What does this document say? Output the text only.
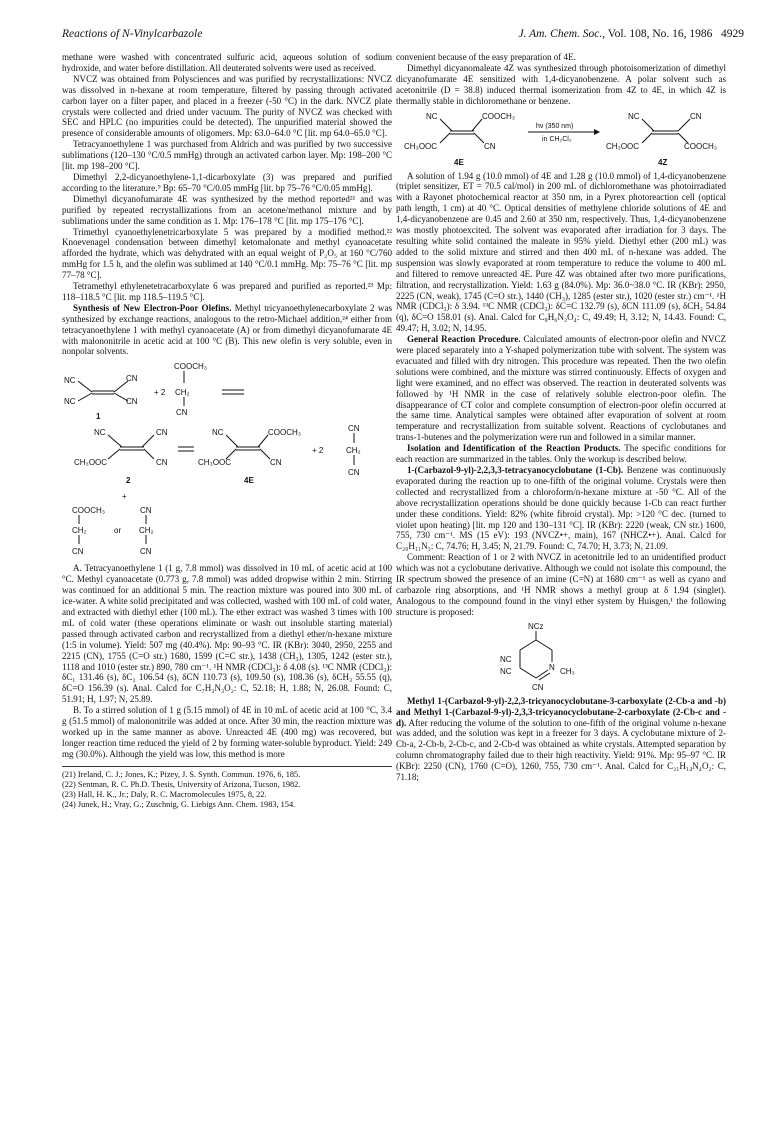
Reactions of N-Vinylcarbazole	J. Am. Chem. Soc., Vol. 108, No. 16, 1986 4929

methane were washed with concentrated sulfuric acid, aqueous solution of sodium hydroxide, and water before distillation. All deuterated solvents were used as received.

NVCZ was obtained from Polysciences and was purified by recrystallizations: NVCZ was dissolved in n-hexane at room temperature, filtered by passing through activated carbon layer on a filter paper, and placed in a freezer (-50 °C) in the dark. NVCZ plate crystals were collected and dried under vacuum. The purity of NVCZ was checked with SEC and HPLC (no impurities could be detected). The unpurified material showed the presence of considerable amounts of oligomers. Mp: 63.0–64.0 °C [lit. mp 64.0–65.0 °C].

Tetracyanoethylene 1 was purchased from Aldrich and was purified by two successive sublimations (120–130 °C/0.5 mmHg) through an activated carbon layer. Mp: 198–200 °C [lit. mp 198–200 °C].

Dimethyl 2,2-dicyanoethylene-1,1-dicarboxylate (3) was prepared and purified according to the literature.⁹ Bp: 65–70 °C/0.05 mmHg [lit. bp 75–76 °C/0.05 mmHg].

Dimethyl dicyanofumarate 4E was synthesized by the method reported²¹ and was purified by repeated recrystallizations from an acetone/methanol mixture and by sublimations under the same condition as 1. Mp: 176–178 °C [lit. mp 175–176 °C].

Trimethyl cyanoethylenetricarboxylate 5 was prepared by a modified method.²² Knoevenagel condensation between dimethyl ketomalonate and methyl cyanoacetate afforded the hydrate, which was dehydrated with an equal weight of P₂O₅ at 160 °C/760 mmHg for 1.5 h, and the olefin was sublimed at 140 °C/0.1 mmHg. Mp: 75–76 °C [lit. mp 77–78 °C].

Tetramethyl ethylenetetracarboxylate 6 was prepared and purified as reported.²³ Mp: 118–118.5 °C [lit. mp 118.5–119.5 °C].

Synthesis of New Electron-Poor Olefins. Methyl tricyanoethylenecarboxylate 2 was synthesized by exchange reactions, analogous to the retro-Michael addition,²⁴ either from tetracyanoethylene 1 with methyl cyanoacetate (A) or from dimethyl dicyanofumarate 4E with malononitrile in acetic acid at 100 °C (B). This new olefin is very soluble, even in nonpolar solvents.

NC
NC
CN
CN
COOCH₃
+ 2 CH₂
CN
1
NC	CN
CH₃OOC	CN
2
NC	COOCH₃
CH₃OOC	CN
4E
CN
+ 2	CH₂
CN
+
COOCH₃
CH₂
CN
or
CN
CH₂
CN

A. Tetracyanoethylene 1 (1 g, 7.8 mmol) was dissolved in 10 mL of acetic acid at 100 °C. Methyl cyanoacetate (0.773 g, 7.8 mmol) was added dropwise within 2 min. Stirring was continued for an additional 5 min. The reaction mixture was poured into 300 mL of ice-water. A white solid precipitated and was collected, washed with 100 mL of cold water, and extracted with diethyl ether (100 mL). The ether extract was washed 3 times with 100 mL of cold water (these operations eliminate or wash out insoluble starting material) passed through activated carbon and recrystallized from a diethyl ether/n-hexane mixture (1:5 in volume). Yield: 507 mg (40.4%). Mp: 90–93 °C. IR (KBr): 3040, 2950, 2255 and 2215 (CN), 1755 (C=O str.) 1680, 1599 (C=C str.), 1438 (CH₃), 1305, 1242 (ester str.), 1118 and 1010 (ester str.) 890, 780 cm⁻¹. ¹H NMR (CDCl₃): δ 4.08 (s). ¹³C NMR (CDCl₃): δC₁ 131.46 (s), δC₂ 106.54 (s), δCN 110.73 (s), 109.50 (s), 108.36 (s), δCH₃ 55.55 (q), δC=O 156.39 (s). Anal. Calcd for C₇H₃N₃O₂: C, 52.18; H, 1.88; N, 26.08. Found: C, 51.91; H, 1.97; N, 25.89.

B. To a stirred solution of 1 g (5.15 mmol) of 4E in 10 mL of acetic acid at 100 °C, 3.4 g (51.5 mmol) of malononitrile was added at once. After 30 min, the reaction mixture was worked up in the same manner as above. Unreacted 4E (400 mg) was recovered, but longer reaction time reduced the yield of 2 by forming water-soluble byproduct. Yield: 249 mg (30.0%). Although the yield was low, this method is more

(21) Ireland, C. J.; Jones, K.; Pizey, J. S. Synth. Commun. 1976, 6, 185.
(22) Sentman, R. C. Ph.D. Thesis, University of Arizona, Tucson, 1982.
(23) Hall, H. K., Jr.; Daly, R. C. Macromolecules 1975, 8, 22.
(24) Junek, H.; Vray, G.; Zuschnig, G. Liebigs Ann. Chem. 1983, 154.

convenient because of the easy preparation of 4E.

Dimethyl dicyanomaleate 4Z was synthesized through photoisomerization of dimethyl dicyanofumarate 4E sensitized with 1,4-dicyanobenzene. A polar solvent such as acetonitrile (D = 38.8) induced thermal isomerization from 4Z to 4E, in which 4Z is thermally stable in dichloromethane or benzene.

NC	COOCH₃
CH₃OOC	CN
4E
hν (350 nm)
in CH₂Cl₂
NC	CN
CH₃OOC	COOCH₃
4Z

A solution of 1.94 g (10.0 mmol) of 4E and 1.28 g (10.0 mmol) of 1,4-dicyanobenzene (triplet sensitizer, ET = 70.5 cal/mol) in 200 mL of dichloromethane was photoirradiated with a Rayonet photochemical reactor at 350 nm, in a Pyrex photoreaction cell (optical path length, 1 cm) at 40 °C. Optical densities of methylene chloride solutions of 4E and 1,4-dicyanobenzene are 0.45 and 2.60 at 350 nm, respectively. Thus, 1,4-dicyanobenzene was mostly photoexcited. The solvent was evaporated after irradiation for 3 days. The resulting white solid contained the maleate in 95% yield. Diethyl ether (200 mL) was added to the solid mixture and stirred and then 400 mL of n-hexane was added. The suspension was slowly evaporated at room temperature to reduce the volume to 400 mL and filtered to remove unreacted 4E. Pure 4Z was obtained after two more purifications, filtration, and recrystallization. Yield: 1.63 g (84.0%). Mp: 36.0~38.0 °C. IR (KBr): 2950, 2225 (CN, weak), 1745 (C=O str.), 1440 (CH₃), 1285 (ester str.), 1020 (ester str.) cm⁻¹. ¹H NMR (CDCl₃): δ 3.94. ¹³C NMR (CDCl₃): δC=C 132.79 (s), δCN 111.09 (s), δCH₃ 54.84 (q), δC=O 158.01 (s). Anal. Calcd for C₈H₆N₂O₄: C, 49.49; H, 3.12; N, 14.43. Found: C, 49.47; H, 3.02; N, 14.95.

General Reaction Procedure. Calculated amounts of electron-poor olefin and NVCZ were placed separately into a Y-shaped polymerization tube with solvent. The system was evacuated and filled with dry nitrogen. This procedure was repeated. Then the two olefin solutions were combined, and the mixture was stirred continuously. Effects of oxygen and light were examined, and no effect was observed. The reaction in deuterated solvents was followed by ¹H NMR in the case of relatively soluble electron-poor olefin. The disappearance of CT color and complete consumption of electron-poor olefin occurred at the same time. Analytical samples were obtained after evaporation of solvent at room temperature and recrystallization from suitable solvent. Reactions of cyclobutanes and trans-1-butenes and the polymerization were run and followed in a similar manner.

Isolation and Identification of the Reaction Products. The specific conditions for each reaction are summarized in the tables. Only the workup is described below.

1-(Carbazol-9-yl)-2,2,3,3-tetracyanocyclobutane (1-Cb). Benzene was continuously evaporated during the reaction up to one-fifth of the original volume. Crystals were then collected and recrystallized from a chloroform/n-hexane mixture at -50 °C. All of the above recrystallization operations should be done quickly because 1-Cb can react further under these conditions. Yield: 82% (white fibroid crystal). Mp: >120 °C dec. (turned to violet upon heating) [lit. mp 120 and 130–131 °C]. IR (KBr): 2220 (weak, CN str.) 1600, 755, 730 cm⁻¹. MS (15 eV): 193 (NVCZ•+, main), 167 (NHCZ•+). Anal. Calcd for C₂₀H₁₁N₅: C, 74.76; H, 3.45; N, 21.79. Found: C, 74.70; H, 3.73; N, 21.09.

Comment: Reaction of 1 or 2 with NVCZ in acetonitrile led to an unidentified product which was not a cyclobutane derivative. Although we could not isolate this compound, the IR spectrum showed the presence of an imine (C=N) at 1680 cm⁻¹ as well as cyano and carbazole ring absorptions, and ¹H NMR shows a methyl group at δ 1.94 (singlet). Analogous to the compound found in the vinyl ether system by Huisgen,¹ the following structure is proposed:

NCz
NC
NC	N CH₃
CN

Methyl 1-(Carbazol-9-yl)-2,2,3-tricyanocyclobutane-3-carboxylate (2-Cb-a and -b) and Methyl 1-(Carbazol-9-yl)-2,3,3-tricyanocyclobutane-2-carboxylate (2-Cb-c and -d). After reducing the volume of the solution to one-fifth of the original volume n-hexane was added, and the solution was kept in a freezer for 3 days. A cyclobutane mixture of 2-Cb-a, 2-Cb-b, 2-Cb-c, and 2-Cb-d was obtained as white crystals. Attempted separation by column chromatography failed due to their high reactivity. Yield: 91%. Mp: 95–97 °C. IR (KBr): 2250 (CN), 1760 (C=O), 1260, 755, 730 cm⁻¹. Anal. Calcd for C₂₁H₁₄N₄O₂: C, 71.18;
